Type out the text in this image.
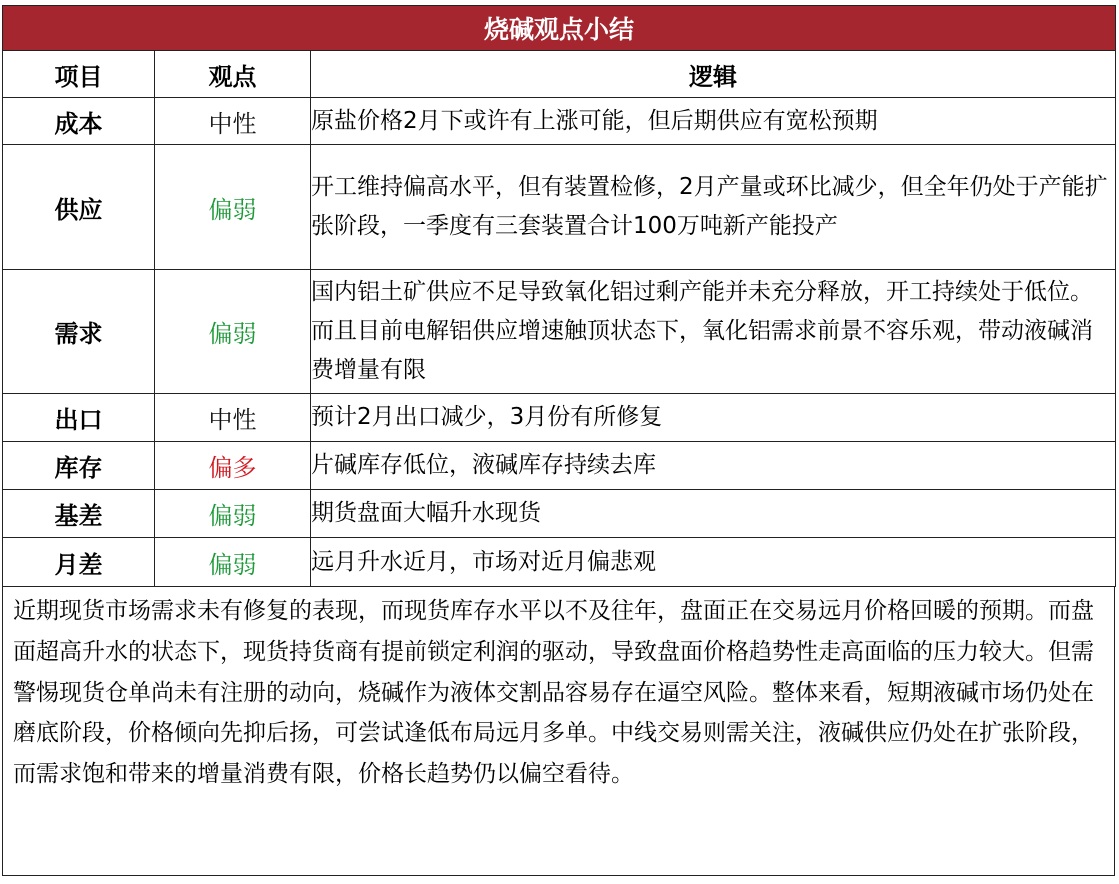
烧碱观点小结		
项目	观点	逻辑
成本	中性	原盐价格2月下或许有上涨可能，但后期供应有宽松预期
供应	偏弱	开工维持偏高水平，但有装置检修，2月产量或环比减少，但全年仍处于产能扩张阶段，一季度有三套装置合计100万吨新产能投产
需求	偏弱	国内铝土矿供应不足导致氧化铝过剩产能并未充分释放，开工持续处于低位。而且目前电解铝供应增速触顶状态下，氧化铝需求前景不容乐观，带动液碱消费增量有限
出口	中性	预计2月出口减少，3月份有所修复
库存	偏多	片碱库存低位，液碱库存持续去库
基差	偏弱	期货盘面大幅升水现货
月差	偏弱	远月升水近月，市场对近月偏悲观
近期现货市场需求未有修复的表现，而现货库存水平以不及往年，盘面正在交易远月价格回暖的预期。而盘面超高升水的状态下，现货持货商有提前锁定利润的驱动，导致盘面价格趋势性走高面临的压力较大。但需警惕现货仓单尚未有注册的动向，烧碱作为液体交割品容易存在逼空风险。整体来看，短期液碱市场仍处在磨底阶段，价格倾向先抑后扬，可尝试逢低布局远月多单。中线交易则需关注，液碱供应仍处在扩张阶段，而需求饱和带来的增量消费有限，价格长趋势仍以偏空看待。
